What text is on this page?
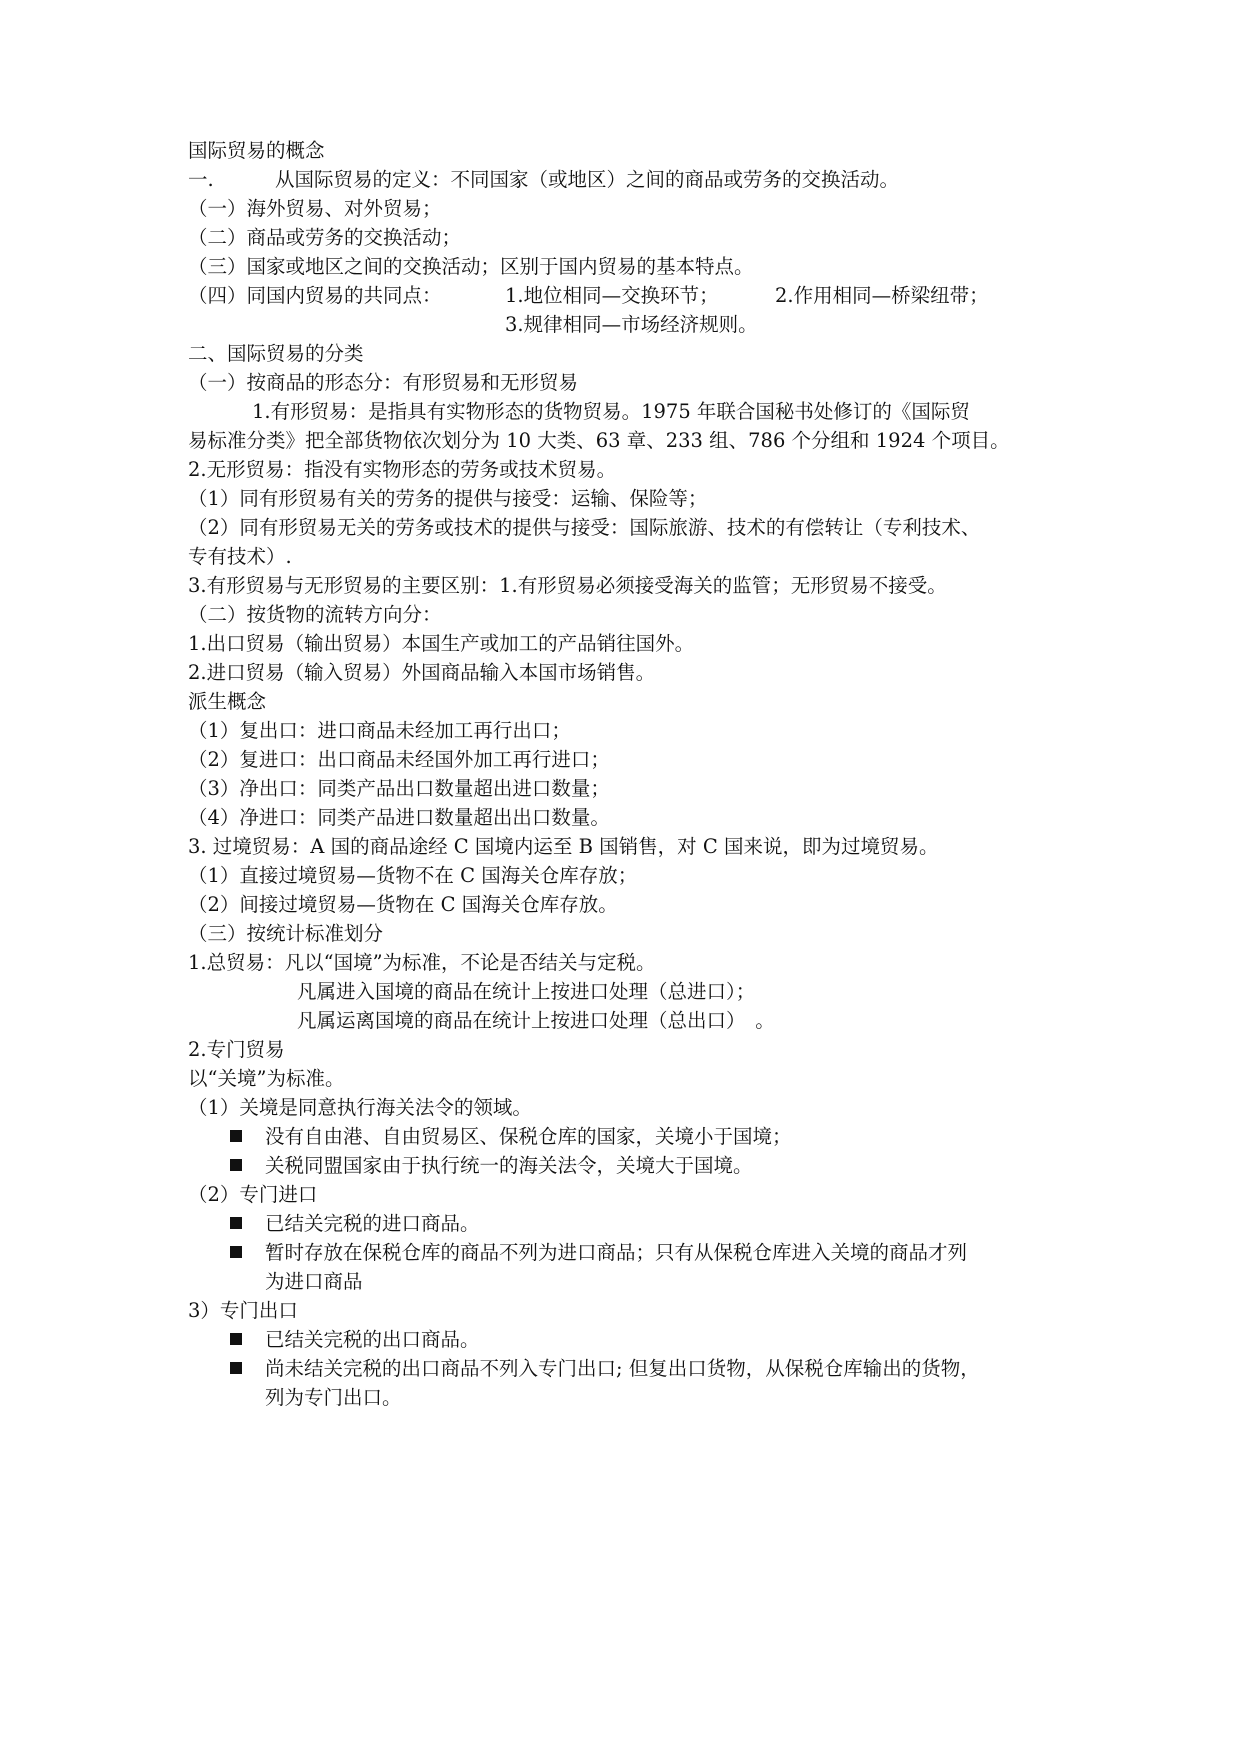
国际贸易的概念
一.	从国际贸易的定义：不同国家（或地区）之间的商品或劳务的交换活动。
（一）海外贸易、对外贸易；
（二）商品或劳务的交换活动；
（三）国家或地区之间的交换活动；区别于国内贸易的基本特点。
（四）同国内贸易的共同点：	1.地位相同—交换环节；	2.作用相同—桥梁纽带；
3.规律相同—市场经济规则。
二、国际贸易的分类
（一）按商品的形态分：有形贸易和无形贸易
1.有形贸易：是指具有实物形态的货物贸易。1975 年联合国秘书处修订的《国际贸
易标准分类》把全部货物依次划分为 10 大类、63 章、233 组、786 个分组和 1924 个项目。
2.无形贸易：指没有实物形态的劳务或技术贸易。
（1）同有形贸易有关的劳务的提供与接受：运输、保险等；
（2）同有形贸易无关的劳务或技术的提供与接受：国际旅游、技术的有偿转让（专利技术、
专有技术）.
3.有形贸易与无形贸易的主要区别：1.有形贸易必须接受海关的监管；无形贸易不接受。
（二）按货物的流转方向分：
1.出口贸易（输出贸易）本国生产或加工的产品销往国外。
2.进口贸易（输入贸易）外国商品输入本国市场销售。
派生概念
（1）复出口：进口商品未经加工再行出口；
（2）复进口：出口商品未经国外加工再行进口；
（3）净出口：同类产品出口数量超出进口数量；
（4）净进口：同类产品进口数量超出出口数量。
3. 过境贸易：A 国的商品途经 C 国境内运至 B 国销售，对 C 国来说，即为过境贸易。
（1）直接过境贸易—货物不在 C 国海关仓库存放；
（2）间接过境贸易—货物在 C 国海关仓库存放。
（三）按统计标准划分
1.总贸易：凡以“国境”为标准，不论是否结关与定税。
凡属进入国境的商品在统计上按进口处理（总进口）；
凡属运离国境的商品在统计上按进口处理（总出口）　。
2.专门贸易
以“关境”为标准。
（1）关境是同意执行海关法令的领域。
没有自由港、自由贸易区、保税仓库的国家，关境小于国境；
关税同盟国家由于执行统一的海关法令，关境大于国境。
（2）专门进口
已结关完税的进口商品。
暂时存放在保税仓库的商品不列为进口商品；只有从保税仓库进入关境的商品才列
为进口商品
3）专门出口
已结关完税的出口商品。
尚未结关完税的出口商品不列入专门出口; 但复出口货物，从保税仓库输出的货物，
列为专门出口。
